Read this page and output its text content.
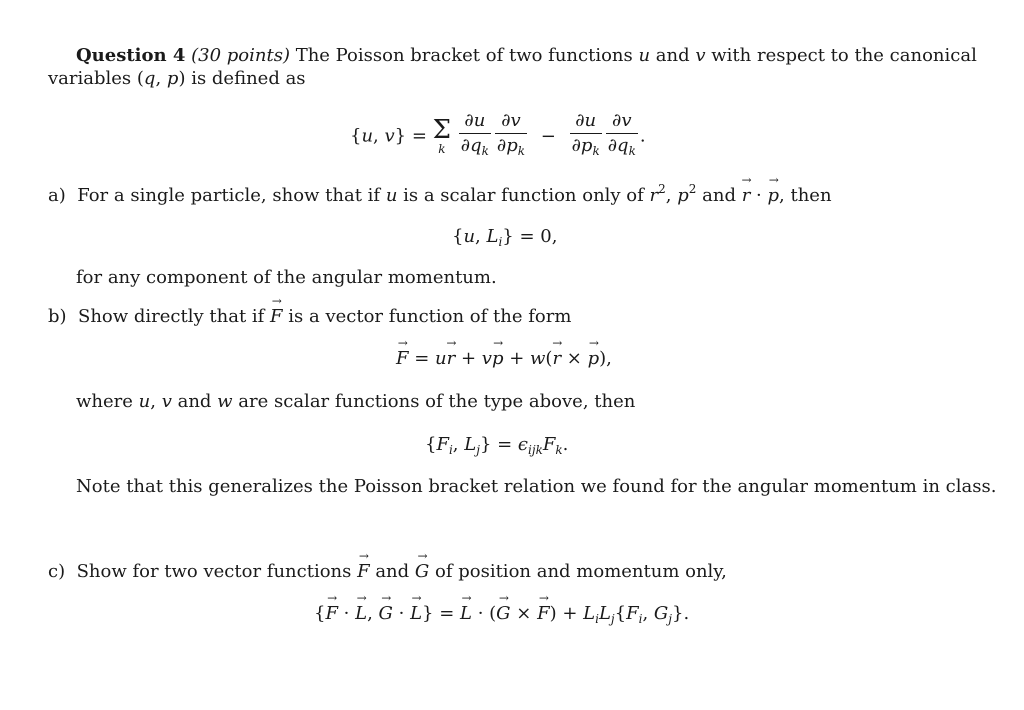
Question 4 (30 points) The Poisson bracket of two functions u and v with respect to the canonical
variables (q, p) is defined as
{u, v} = Σ
k
$\frac{\partial u}{\partial q_k} \frac{\partial v}{\partial p_k} - \frac{\partial u}{\partial p_k} \frac{\partial v}{\partial q_k}$ .
a) For a single particle, show that if u is a scalar function only of $r^2$, $p^2$ and → r · → p, then
{u, $L_i\} = 0$,
for any component of the angular momentum.
b) Show directly that if → F is a vector function of the form
→ F = u→ r + v→ p + w(→ r × → p),
where u, v and w are scalar functions of the type above, then
{$F_i$, $L_j\} = \epsilon_{ijk}F_k$.
Note that this generalizes the Poisson bracket relation we found for the angular momentum in class.
c) Show for two vector functions → F and → G of position and momentum only,
{→ F · → L, → G · → L} = → L · (→ G × → $F) + L_iL_j\{F_i$, $G_j$}.
